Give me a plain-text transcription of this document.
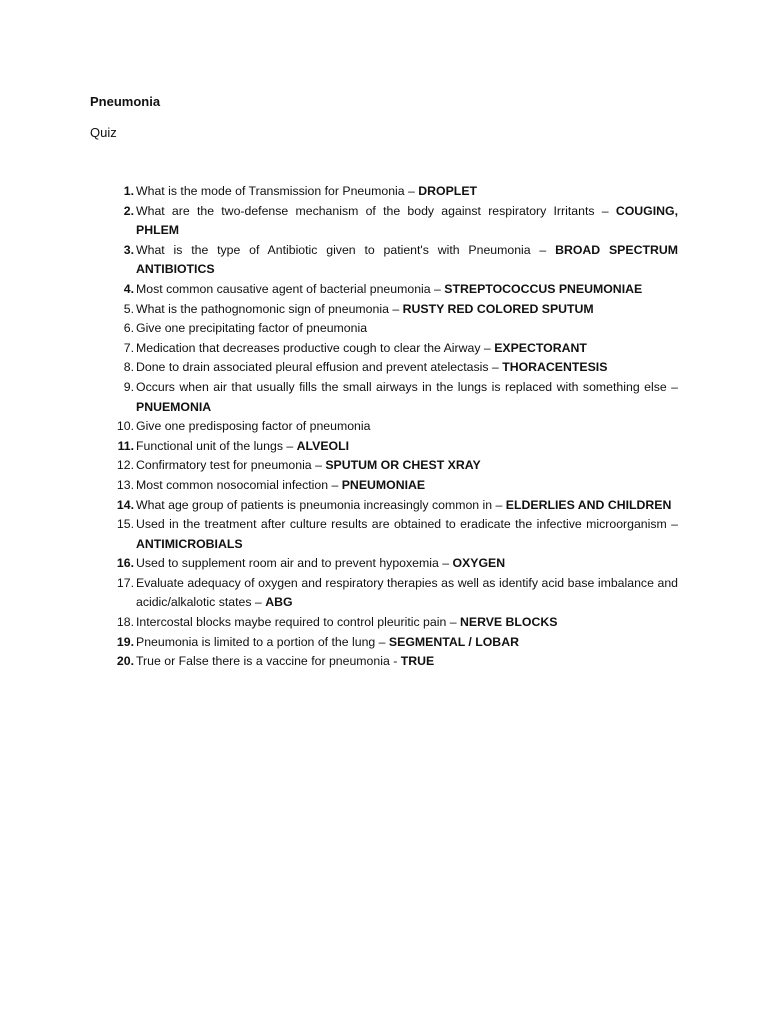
Pneumonia
Quiz
1. What is the mode of Transmission for Pneumonia – DROPLET
2. What are the two-defense mechanism of the body against respiratory Irritants – COUGING, PHLEM
3. What is the type of Antibiotic given to patient's with Pneumonia – BROAD SPECTRUM ANTIBIOTICS
4. Most common causative agent of bacterial pneumonia – STREPTOCOCCUS PNEUMONIAE
5. What is the pathognomonic sign of pneumonia – RUSTY RED COLORED SPUTUM
6. Give one precipitating factor of pneumonia
7. Medication that decreases productive cough to clear the Airway – EXPECTORANT
8. Done to drain associated pleural effusion and prevent atelectasis – THORACENTESIS
9. Occurs when air that usually fills the small airways in the lungs is replaced with something else – PNUEMONIA
10. Give one predisposing factor of pneumonia
11. Functional unit of the lungs – ALVEOLI
12. Confirmatory test for pneumonia – SPUTUM OR CHEST XRAY
13. Most common nosocomial infection – PNEUMONIAE
14. What age group of patients is pneumonia increasingly common in – ELDERLIES AND CHILDREN
15. Used in the treatment after culture results are obtained to eradicate the infective microorganism – ANTIMICROBIALS
16. Used to supplement room air and to prevent hypoxemia – OXYGEN
17. Evaluate adequacy of oxygen and respiratory therapies as well as identify acid base imbalance and acidic/alkalotic states – ABG
18. Intercostal blocks maybe required to control pleuritic pain – NERVE BLOCKS
19. Pneumonia is limited to a portion of the lung – SEGMENTAL / LOBAR
20. True or False there is a vaccine for pneumonia - TRUE
